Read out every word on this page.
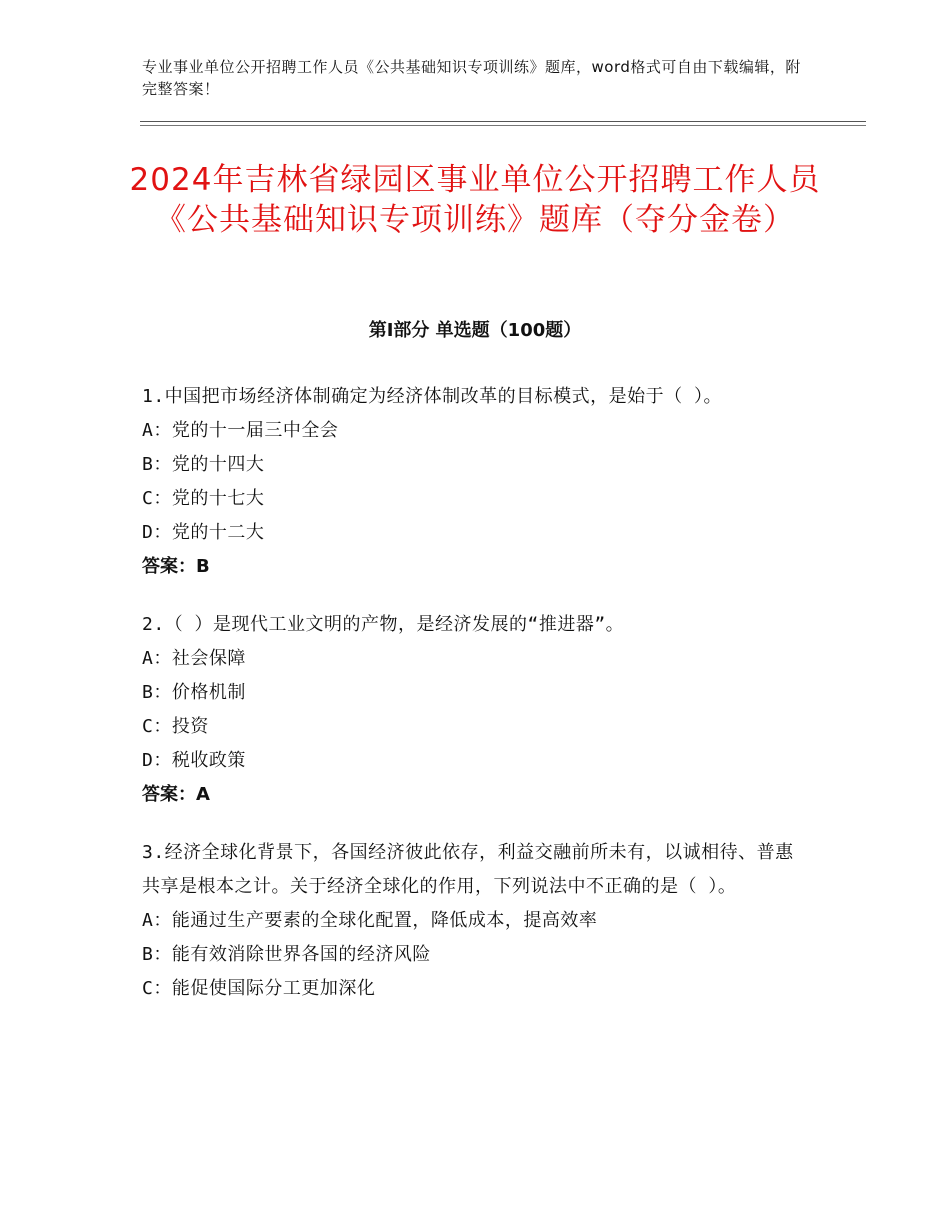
专业事业单位公开招聘工作人员《公共基础知识专项训练》题库，word格式可自由下载编辑，附完整答案！
2024年吉林省绿园区事业单位公开招聘工作人员《公共基础知识专项训练》题库（夺分金卷）
第Ⅰ部分 单选题（100题）
1.中国把市场经济体制确定为经济体制改革的目标模式，是始于（ ）。
A：党的十一届三中全会
B：党的十四大
C：党的十七大
D：党的十二大
答案：B
2.（ ）是现代工业文明的产物，是经济发展的“推进器”。
A：社会保障
B：价格机制
C：投资
D：税收政策
答案：A
3.经济全球化背景下，各国经济彼此依存，利益交融前所未有，以诚相待、普惠共享是根本之计。关于经济全球化的作用，下列说法中不正确的是（ ）。
A：能通过生产要素的全球化配置，降低成本，提高效率
B：能有效消除世界各国的经济风险
C：能促使国际分工更加深化
